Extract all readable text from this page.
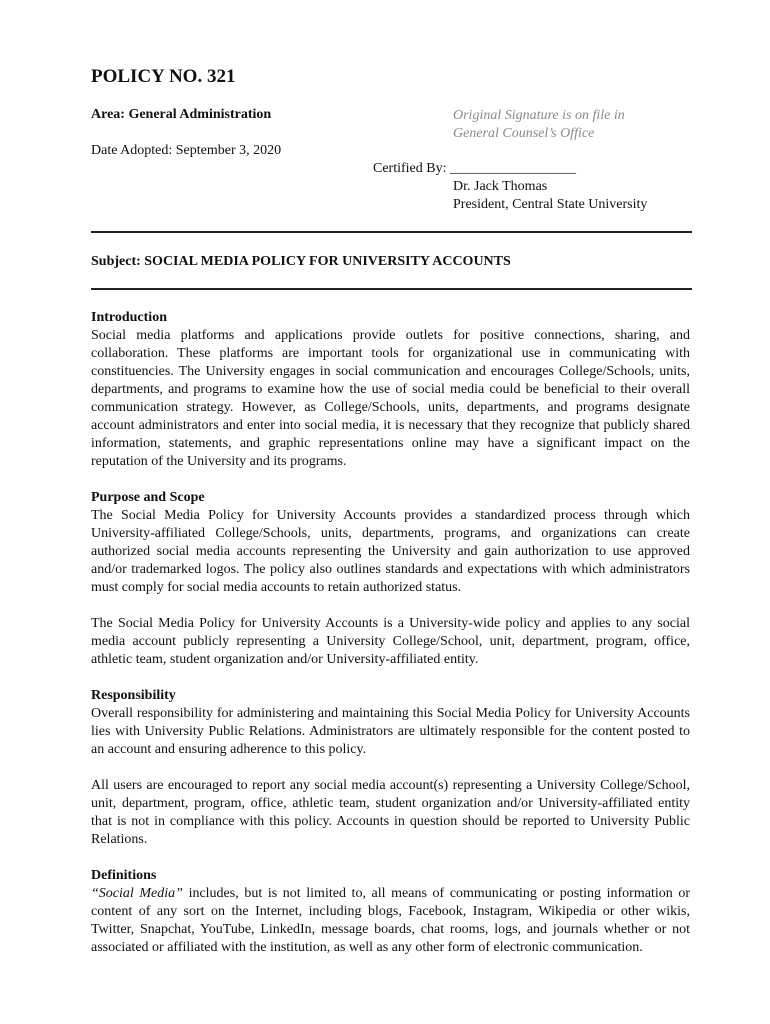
POLICY NO. 321
Area: General Administration
Date Adopted: September 3, 2020
Original Signature is on file in
General Counsel’s Office
Certified By: __________________
Dr. Jack Thomas
President, Central State University
Subject: SOCIAL MEDIA POLICY FOR UNIVERSITY ACCOUNTS
Introduction

Social media platforms and applications provide outlets for positive connections, sharing, and collaboration. These platforms are important tools for organizational use in communicating with constituencies. The University engages in social communication and encourages College/Schools, units, departments, and programs to examine how the use of social media could be beneficial to their overall communication strategy. However, as College/Schools, units, departments, and programs designate account administrators and enter into social media, it is necessary that they recognize that publicly shared information, statements, and graphic representations online may have a significant impact on the reputation of the University and its programs.

Purpose and Scope

The Social Media Policy for University Accounts provides a standardized process through which University-affiliated College/Schools, units, departments, programs, and organizations can create authorized social media accounts representing the University and gain authorization to use approved and/or trademarked logos. The policy also outlines standards and expectations with which administrators must comply for social media accounts to retain authorized status.

The Social Media Policy for University Accounts is a University-wide policy and applies to any social media account publicly representing a University College/School, unit, department, program, office, athletic team, student organization and/or University-affiliated entity.

Responsibility

Overall responsibility for administering and maintaining this Social Media Policy for University Accounts lies with University Public Relations. Administrators are ultimately responsible for the content posted to an account and ensuring adherence to this policy.

All users are encouraged to report any social media account(s) representing a University College/School, unit, department, program, office, athletic team, student organization and/or University-affiliated entity that is not in compliance with this policy. Accounts in question should be reported to University Public Relations.

Definitions

“Social Media” includes, but is not limited to, all means of communicating or posting information or content of any sort on the Internet, including blogs, Facebook, Instagram, Wikipedia or other wikis, Twitter, Snapchat, YouTube, LinkedIn, message boards, chat rooms, logs, and journals whether or not associated or affiliated with the institution, as well as any other form of electronic communication.
